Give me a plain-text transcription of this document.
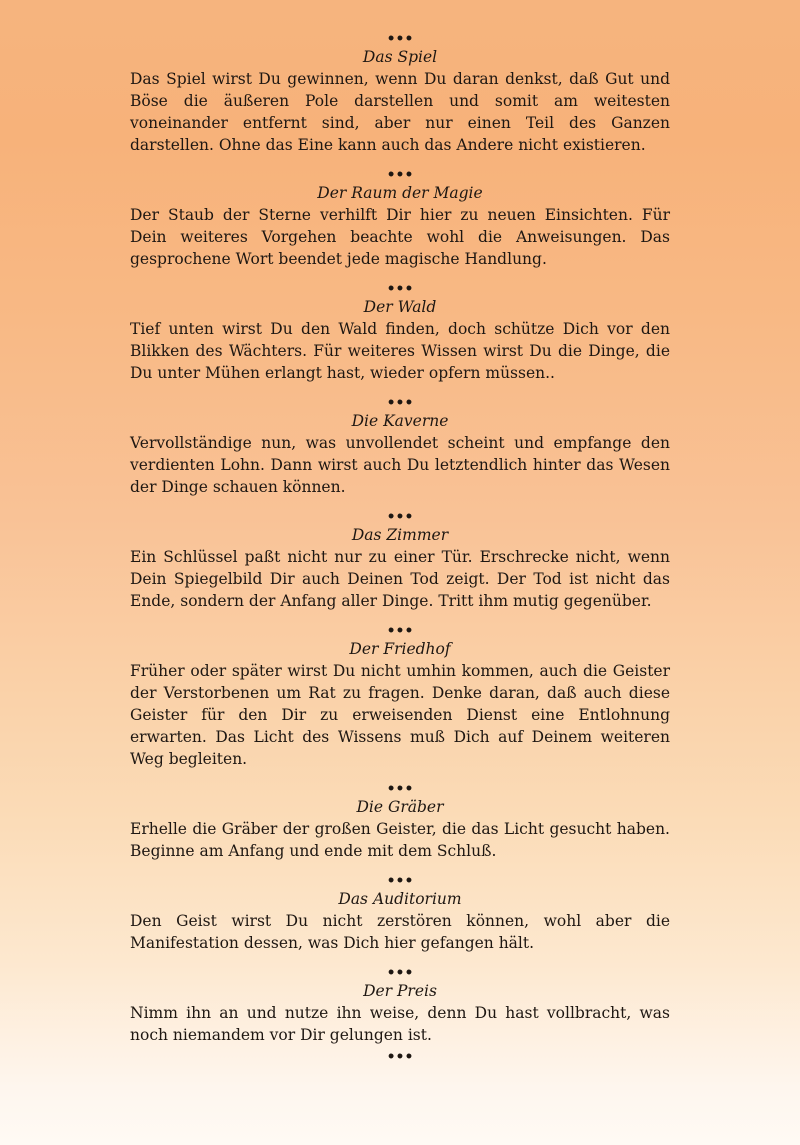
•••
Das Spiel

Das Spiel wirst Du gewinnen, wenn Du daran denkst, daß Gut und Böse die äußeren Pole darstellen und somit am weitesten voneinander entfernt sind, aber nur einen Teil des Ganzen darstellen. Ohne das Eine kann auch das Andere nicht existieren.

•••
Der Raum der Magie

Der Staub der Sterne verhilft Dir hier zu neuen Einsichten. Für Dein weiteres Vorgehen beachte wohl die Anweisungen. Das gesprochene Wort beendet jede magische Handlung.

•••
Der Wald

Tief unten wirst Du den Wald finden, doch schütze Dich vor den Blikken des Wächters. Für weiteres Wissen wirst Du die Dinge, die Du unter Mühen erlangt hast, wieder opfern müssen..

•••
Die Kaverne

Vervollständige nun, was unvollendet scheint und empfange den verdienten Lohn. Dann wirst auch Du letztendlich hinter das Wesen der Dinge schauen können.

•••
Das Zimmer

Ein Schlüssel paßt nicht nur zu einer Tür. Erschrecke nicht, wenn Dein Spiegelbild Dir auch Deinen Tod zeigt. Der Tod ist nicht das Ende, sondern der Anfang aller Dinge. Tritt ihm mutig gegenüber.

•••
Der Friedhof

Früher oder später wirst Du nicht umhin kommen, auch die Geister der Verstorbenen um Rat zu fragen. Denke daran, daß auch diese Geister für den Dir zu erweisenden Dienst eine Entlohnung erwarten. Das Licht des Wissens muß Dich auf Deinem weiteren Weg begleiten.

•••
Die Gräber

Erhelle die Gräber der großen Geister, die das Licht gesucht haben. Beginne am Anfang und ende mit dem Schluß.

•••
Das Auditorium

Den Geist wirst Du nicht zerstören können, wohl aber die Manifestation dessen, was Dich hier gefangen hält.

•••
Der Preis

Nimm ihn an und nutze ihn weise, denn Du hast vollbracht, was noch niemandem vor Dir gelungen ist.

•••
